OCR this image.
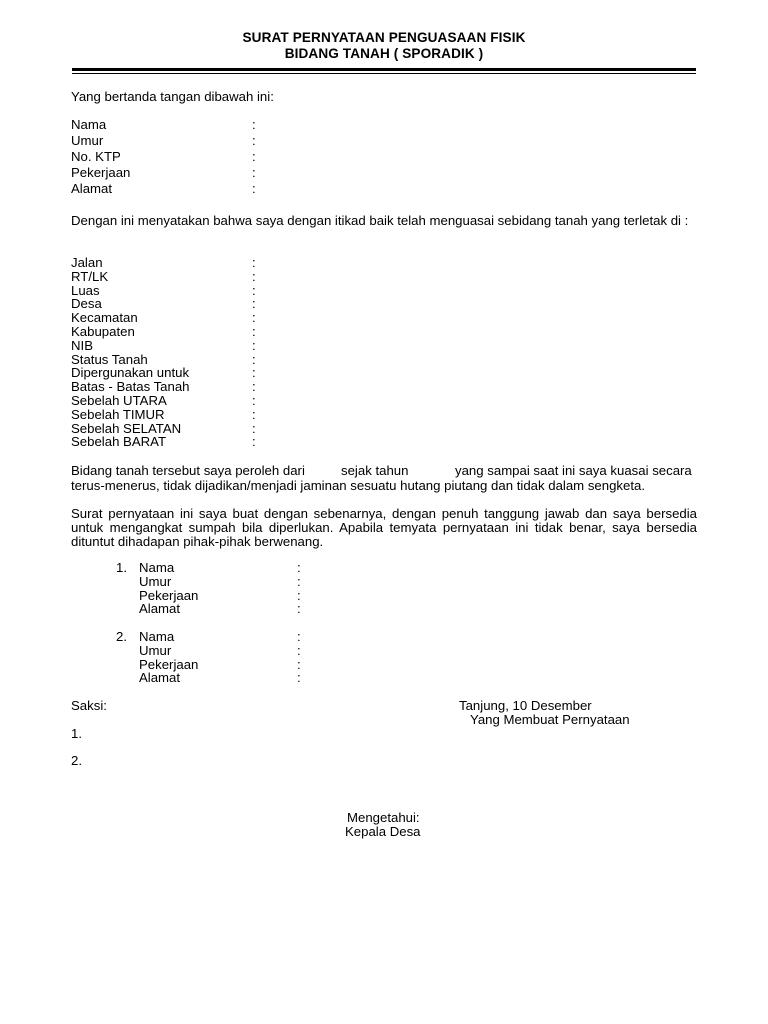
SURAT PERNYATAAN PENGUASAAN FISIK
BIDANG TANAH ( SPORADIK )
Yang bertanda tangan dibawah ini:
Nama	:
Umur	:
No. KTP	:
Pekerjaan	:
Alamat	:
Dengan ini menyatakan bahwa saya dengan itikad baik telah menguasai sebidang tanah yang terletak di :
Jalan	:
RT/LK	:
Luas	:
Desa	:
Kecamatan	:
Kabupaten	:
NIB	:
Status Tanah	:
Dipergunakan untuk	:
Batas - Batas Tanah	:
Sebelah UTARA	:
Sebelah TIMUR	:
Sebelah SELATAN	:
Sebelah BARAT	:
Bidang tanah tersebut saya peroleh dari	sejak tahun	yang sampai saat ini saya kuasai secara
terus-menerus, tidak dijadikan/menjadi jaminan sesuatu hutang piutang dan tidak dalam sengketa.
Surat pernyataan ini saya buat dengan sebenarnya, dengan penuh tanggung jawab dan saya bersedia untuk mengangkat sumpah bila diperlukan. Apabila temyata pernyataan ini tidak benar, saya bersedia dituntut dihadapan pihak-pihak berwenang.
1. Nama	:
Umur	:
Pekerjaan	:
Alamat	:
2. Nama	:
Umur	:
Pekerjaan	:
Alamat	:
Saksi:
1.
2.
Tanjung, 10 Desember
Yang Membuat Pernyataan
Mengetahui:
Kepala Desa
